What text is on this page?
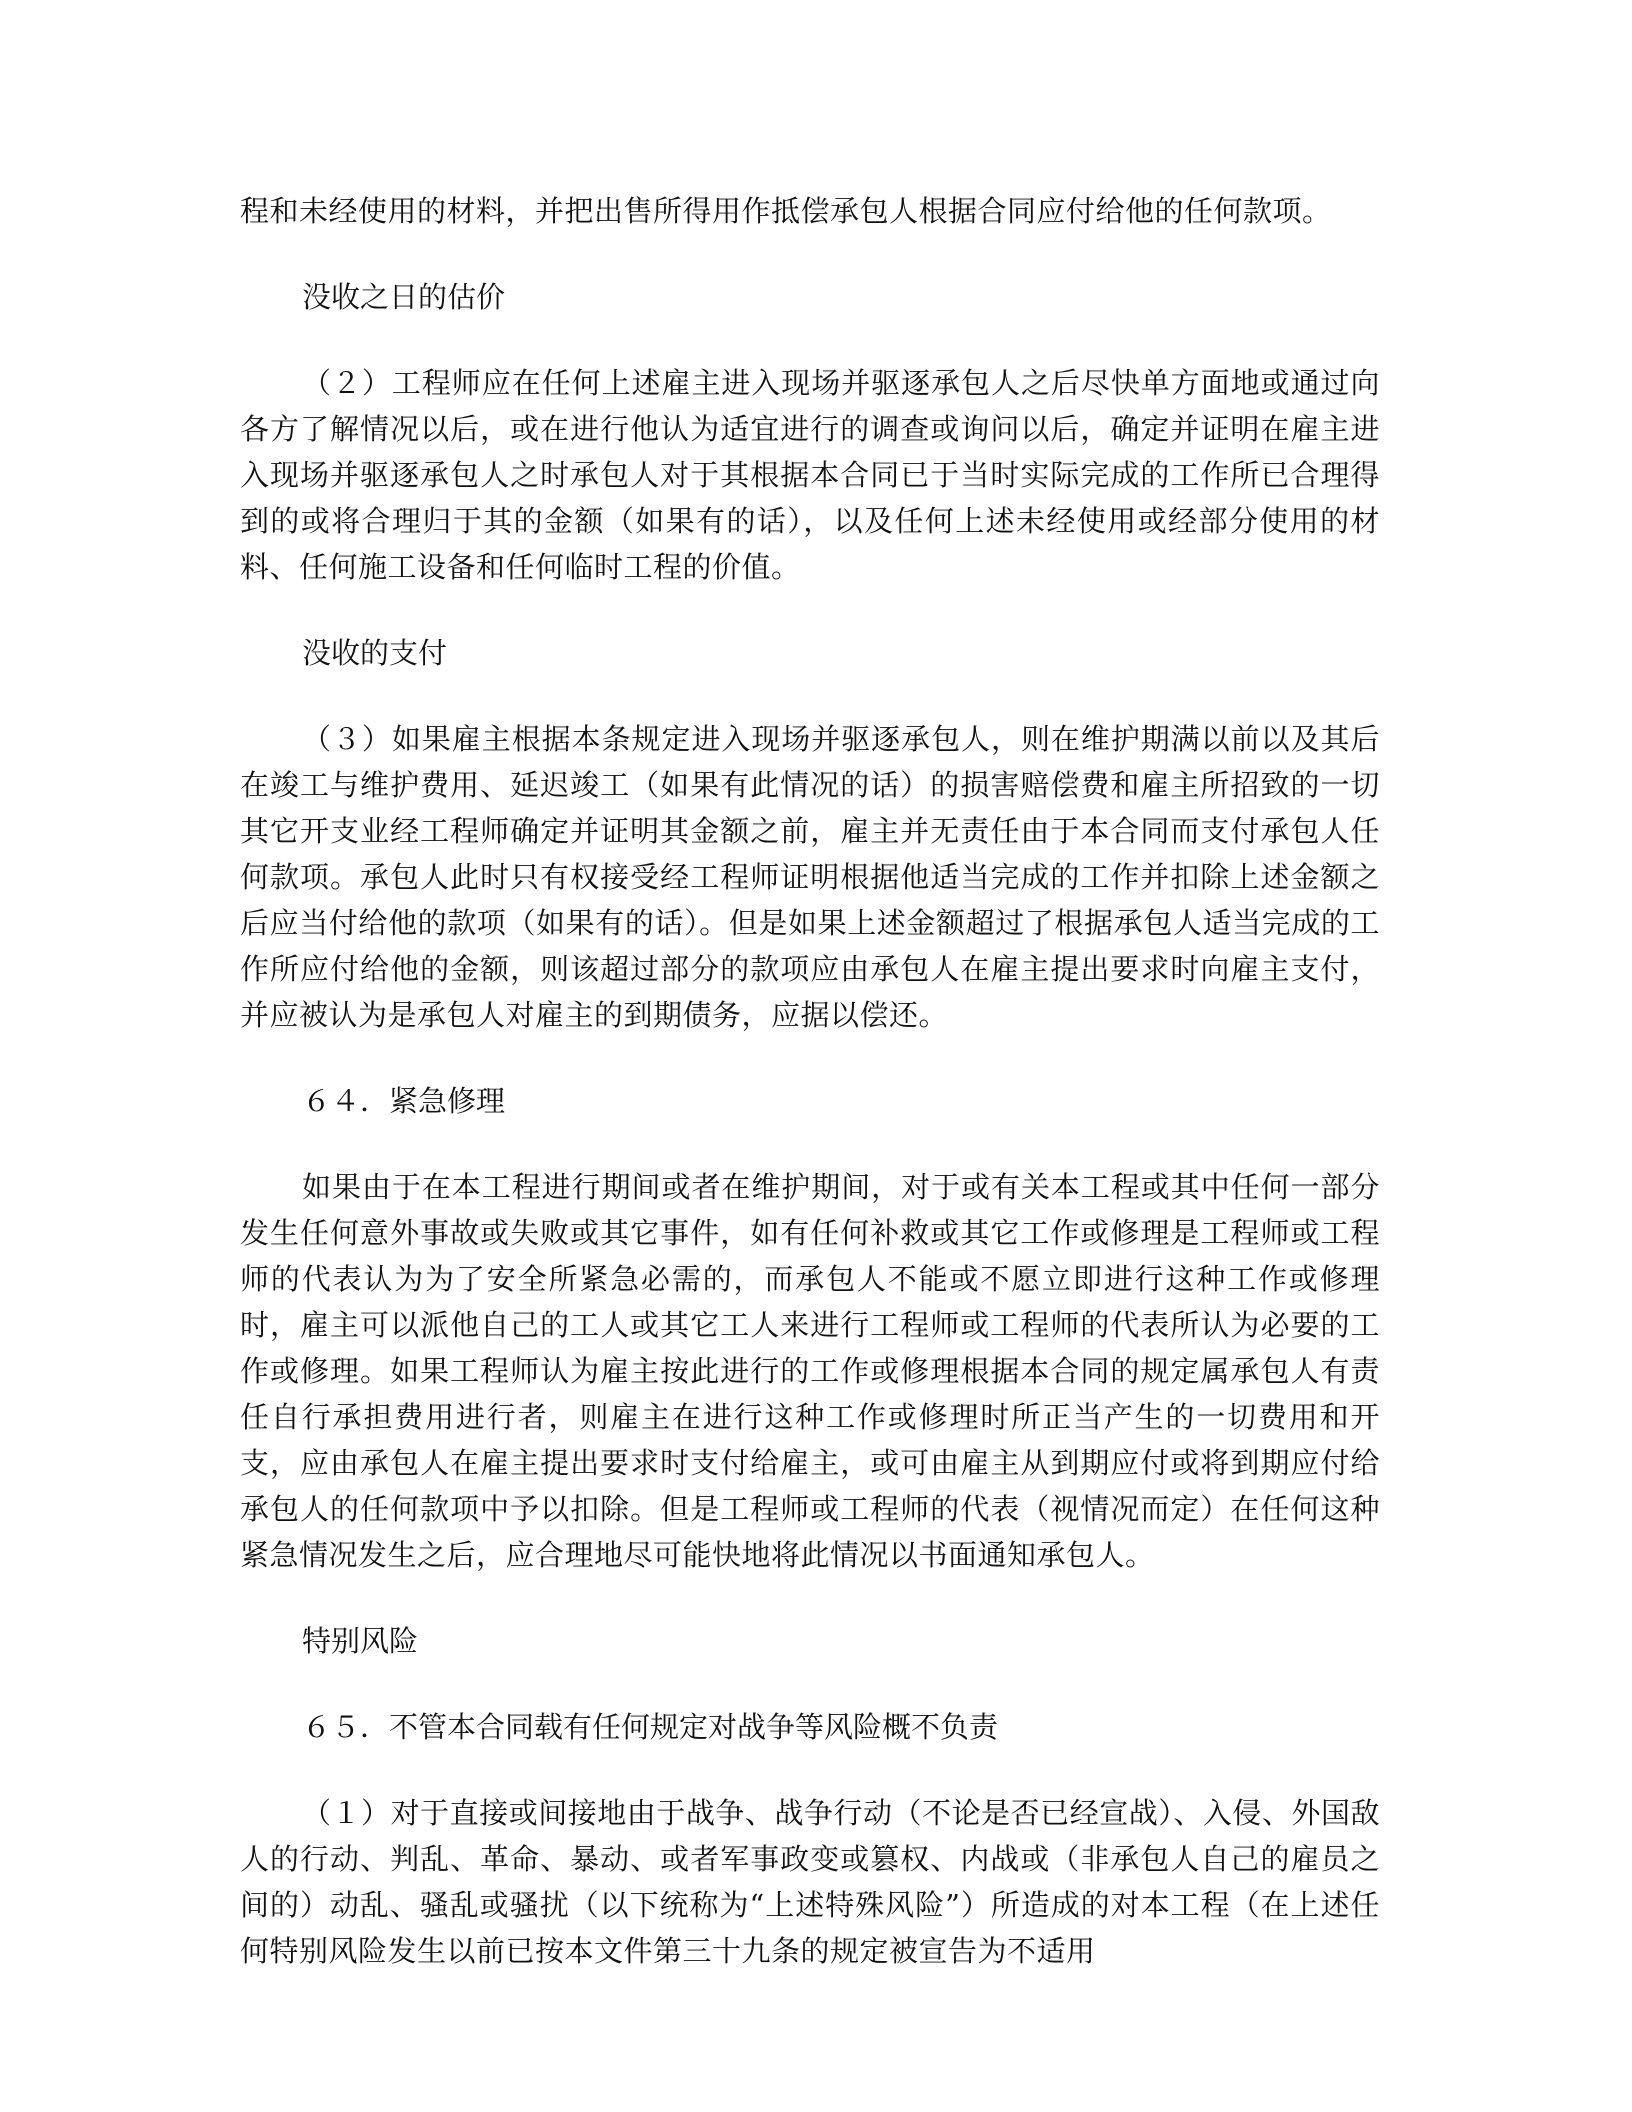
程和未经使用的材料，并把出售所得用作抵偿承包人根据合同应付给他的任何款项。

没收之日的估价

（２）工程师应在任何上述雇主进入现场并驱逐承包人之后尽快单方面地或通过向各方了解情况以后，或在进行他认为适宜进行的调查或询问以后，确定并证明在雇主进入现场并驱逐承包人之时承包人对于其根据本合同已于当时实际完成的工作所已合理得到的或将合理归于其的金额（如果有的话），以及任何上述未经使用或经部分使用的材料、任何施工设备和任何临时工程的价值。

没收的支付

（３）如果雇主根据本条规定进入现场并驱逐承包人，则在维护期满以前以及其后在竣工与维护费用、延迟竣工（如果有此情况的话）的损害赔偿费和雇主所招致的一切其它开支业经工程师确定并证明其金额之前，雇主并无责任由于本合同而支付承包人任何款项。承包人此时只有权接受经工程师证明根据他适当完成的工作并扣除上述金额之后应当付给他的款项（如果有的话）。但是如果上述金额超过了根据承包人适当完成的工作所应付给他的金额，则该超过部分的款项应由承包人在雇主提出要求时向雇主支付，并应被认为是承包人对雇主的到期债务，应据以偿还。

６４．紧急修理

如果由于在本工程进行期间或者在维护期间，对于或有关本工程或其中任何一部分发生任何意外事故或失败或其它事件，如有任何补救或其它工作或修理是工程师或工程师的代表认为为了安全所紧急必需的，而承包人不能或不愿立即进行这种工作或修理时，雇主可以派他自己的工人或其它工人来进行工程师或工程师的代表所认为必要的工作或修理。如果工程师认为雇主按此进行的工作或修理根据本合同的规定属承包人有责任自行承担费用进行者，则雇主在进行这种工作或修理时所正当产生的一切费用和开支，应由承包人在雇主提出要求时支付给雇主，或可由雇主从到期应付或将到期应付给承包人的任何款项中予以扣除。但是工程师或工程师的代表（视情况而定）在任何这种紧急情况发生之后，应合理地尽可能快地将此情况以书面通知承包人。

特别风险

６５．不管本合同载有任何规定对战争等风险概不负责

（１）对于直接或间接地由于战争、战争行动（不论是否已经宣战）、入侵、外国敌人的行动、判乱、革命、暴动、或者军事政变或篡权、内战或（非承包人自己的雇员之间的）动乱、骚乱或骚扰（以下统称为“上述特殊风险”）所造成的对本工程（在上述任何特别风险发生以前已按本文件第三十九条的规定被宣告为不适用
